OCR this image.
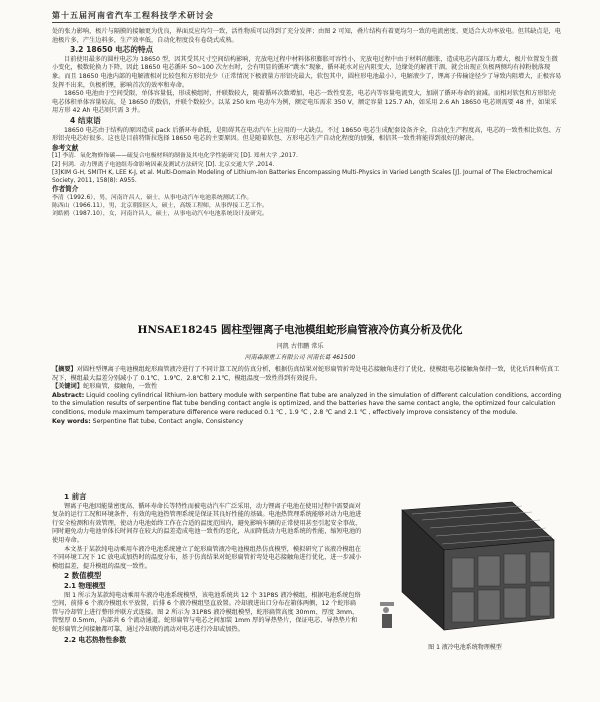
第十五届河南省汽车工程科技学术研讨会

处的张力影响，极片与隔膜的接触更为优良，界面反应均匀一致，活性物质可以得到了充分发挥；由图 2 可知，叠片结构有着更均匀一致的电流密度、更适合大功率放电。但其缺点是，电池极片多，产生边料多，生产效率低，自动化程度没有卷绕式成熟。

3.2 18650 电芯的特点

目前使用最多的圆柱电芯为 18650 型，因其受其尺寸空间结构影响，充放电过程中材料体积膨胀可容性小，充放电过程中由于材料的膨胀，造成电芯内部压力增大，极片位置发生微小变化，极数轮换力下降，因此 18650 电芯循环 50~100 次左右时，会有明显的循环“跳水”现象，循环耗水对应内阻变大，边缘处的解液干涸，就会出现正负极两侧均有掉粉脱落现象。而且 18650 电池内部的电解液相对比较包和方形铝壳少（正常情况下极液量方形铝壳最大，软包其中，圆柱形电池最小），电解液少了，锂离子传输途径少了导致内阻增大，正极容易发挥不出来，负极析锂，影响首次的效率和寿命。

18650 电池由于空间受限，单体容量低，形成模组时，并联数较大，随着循环次数增加，电芯一致性变差，电芯内等容量电流变大，加剧了循环寿命的衰减。而相对软包和方形铝壳电芯体积单体容量较高，是 18650 的数倍，并联个数较少。以某 250 km 电动车为例，额定电压需求 350 V，额定容量 125.7 Ah，如采用 2.6 Ah 18650 电芯则需要 48 并，如果采用方形 42 Ah 电芯则只需 3 并。

4 结束语

18650 电芯由于结构的原因造成 pack 后循环寿命低，是阻碍其在电动汽车上应用的一大缺点。不过 18650 电芯生成配套设备齐全，自动化生产程度高，电芯的一致性相比软包、方形铝壳电芯好很多。这也是目前特斯拉选择 18650 电芯的主要原因。但是随着软包、方形电芯生产自动化程度的加强，相信其一致性将能得到很好的解决。

参考文献
[1] 李清．氧化物修饰碳——硫复合电极材料的制备及其电化学性能研究 [D]. 郑州大学 ,2017.
[2] 何鸿．动力锂离子电池组寿命影响因素及测试方法研究 [D]. 北京交通大学 ,2014.
[3]KIM G-H, SMITH K, LEE K-J, et al. Multi-Domain Modeling of Lithium-Ion Batteries Encompassing Multi-Physics in Varied Length Scales [J]. Journal of The Electrochemical Society, 2011, 158(8): A955.
作者简介
李清（1992.6），男，河南许昌人，硕士，从事电动汽车电池系统测试工作。
陈西山（1966.11），男，北京朝阳区人，硕士，高级工程师，从事焊接工艺工作。
刘皓鸥（1987.10），女，河南许昌人，硕士，从事电动汽车电池系统设计及研究。
HNSAE18245 圆柱型锂离子电池模组蛇形扁管液冷仿真分析及优化
闫凯 古伟鹏 常乐
河南森源重工有限公司 河南长葛 461500

【摘要】对圆柱型锂离子电池模组蛇形扁管液冷进行了不同计算工况的仿真分析，根据仿真结果对蛇形扁管折弯处电芯接触角进行了优化，使模组电芯接触角保持一致，优化后四种仿真工况下，模组最大温差分别减小了 0.1℃、1.9℃、2.8℃和 2.1℃，模组温度一致性得到有效提升。

【关键词】蛇形扁管，接触角，一致性

Abstract: Liquid cooling cylindrical lithium-ion battery module with serpentine flat tube are analyzed in the simulation of different calculation conditions, according to the simulation results of serpentine flat tube bending contact angle is optimized, and the batteries have the same contact angle, the optimized four calculation conditions, module maximum temperature difference were reduced 0.1 ℃ , 1.9 ℃ , 2.8 ℃ and 2.1 ℃ , effectively improve consistency of the module.

Key words: Serpentine flat tube, Contact angle, Consistency

1 前言

锂离子电池因能量密度高、循环寿命长等特性而被电动汽车广泛采用，动力锂离子电池在使用过程中需要面对复杂的运行工况和环境条件，有效的电池热管理系统是保证其良好性能的基础。电池热管理系统能够对动力电池进行安全检测和有效管理，使动力电池始终工作在合适的温度范围内，避免影响车辆的正常使用甚至引起安全事故，同时避免动力电池单体长时间存在较大的温差造成电池一致性的恶化，从而降低动力电池系统的性能，缩短电池的使用寿命。

本文基于某款纯电动乘用车液冷电池系统建立了蛇形扁管液冷电池模组热仿真模型，模拟研究了该液冷模组在不同环境工况下 1C 放电或加热时的温度分布，基于仿真结果对蛇形扁管折弯处电芯接触角进行优化，进一步减小模组温差，提升模组的温度一致性。

2 数值模型
2.1 物理模型

图 1 所示为某款纯电动乘用车液冷电池系统模型，该电池系统共 12 个 31P8S 液冷模组，根据电池系统包络空间，前排 6 个液冷模组水平放置，后排 6 个液冷模组竖直放置。冷却液进出口分布在箱体两侧，12 个蛇形扁管与冷却管上进行整形并联方式连接。图 2 所示为 31P8S 液冷模组模型，蛇形扁管高度 30mm、厚度 3mm、管壁厚 0.5mm，内部共 6 个流动通道。蛇形扁管与电芯之间加装 1mm 厚的导热垫片，保证电芯、导热垫片和蛇形扁管之间接触都可靠，通过冷却液的流动对电芯进行冷却或加热。

2.2 电芯热物性参数
图 1 液冷电池系统物理模型
